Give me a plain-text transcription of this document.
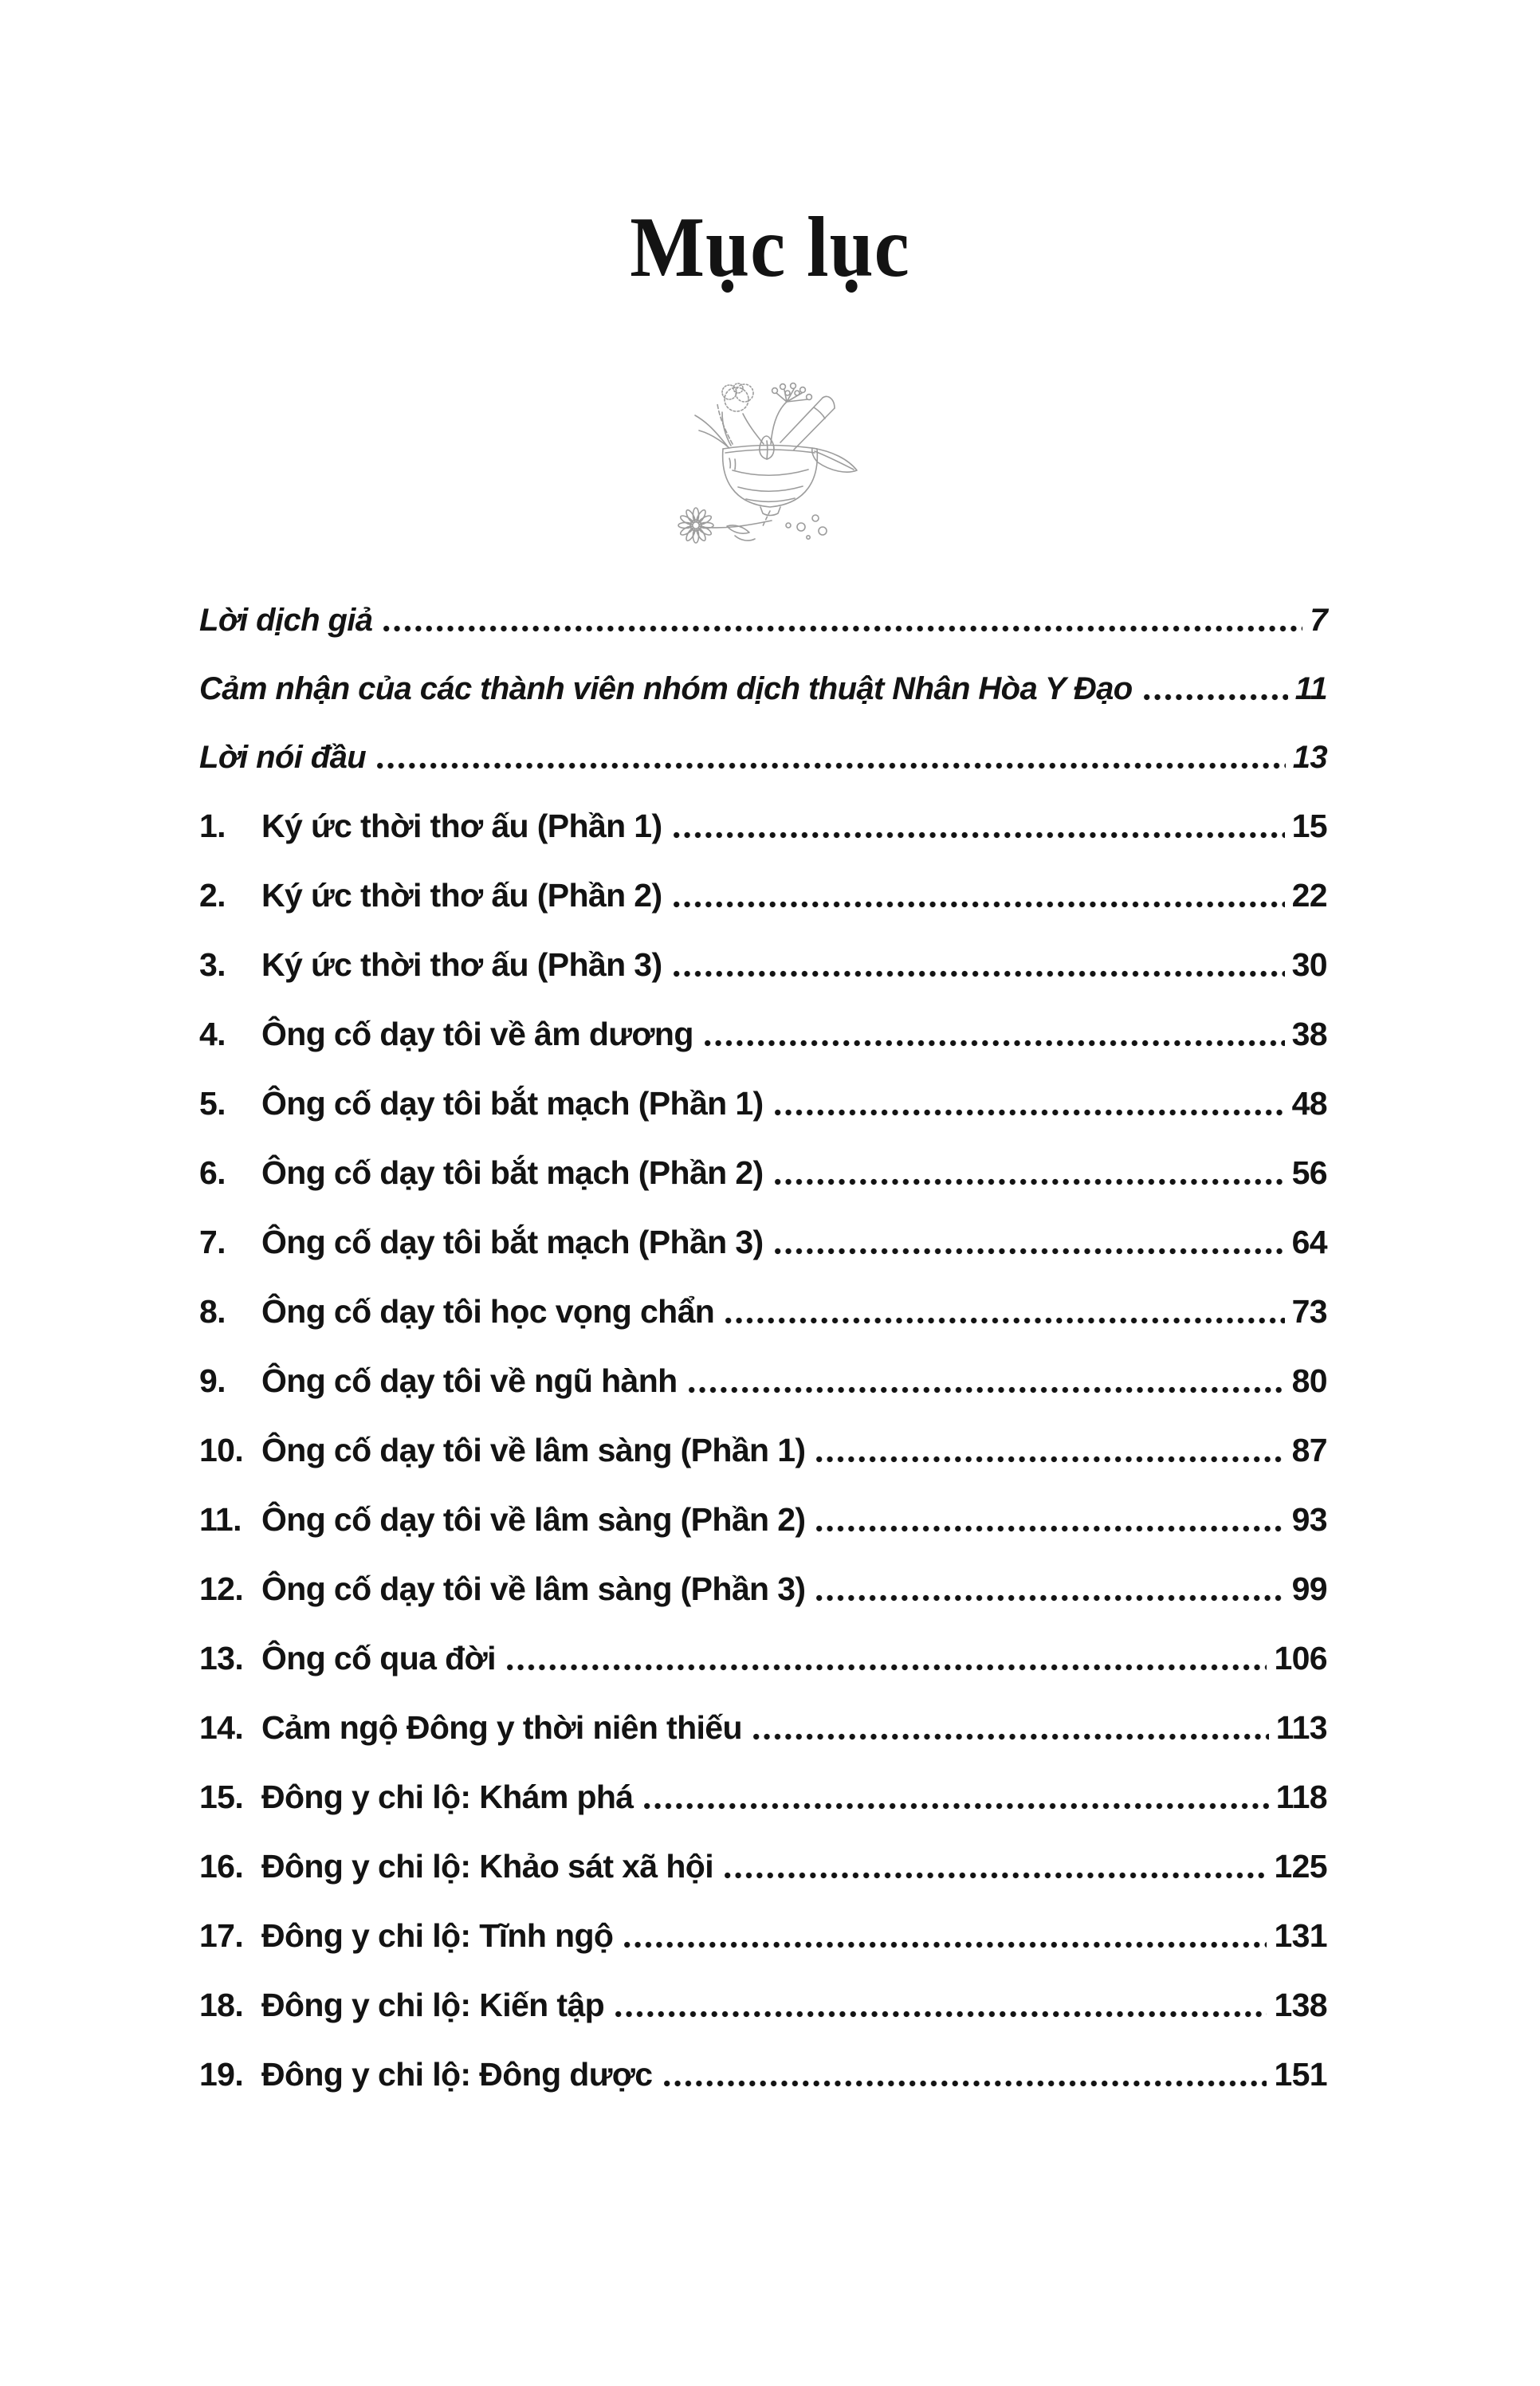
Mục lục
Lời dịch giả	7
Cảm nhận của các thành viên nhóm dịch thuật Nhân Hòa Y Đạo	11
Lời nói đầu	13
1.	Ký ức thời thơ ấu (Phần 1)	15
2.	Ký ức thời thơ ấu (Phần 2)	22
3.	Ký ức thời thơ ấu (Phần 3)	30
4.	Ông cố dạy tôi về âm dương	38
5.	Ông cố dạy tôi bắt mạch (Phần 1)	48
6.	Ông cố dạy tôi bắt mạch (Phần 2)	56
7.	Ông cố dạy tôi bắt mạch (Phần 3)	64
8.	Ông cố dạy tôi học vọng chẩn	73
9.	Ông cố dạy tôi về ngũ hành	80
10. Ông cố dạy tôi về lâm sàng (Phần 1)	87
11. Ông cố dạy tôi về lâm sàng (Phần 2)	93
12. Ông cố dạy tôi về lâm sàng (Phần 3)	99
13. Ông cố qua đời	106
14. Cảm ngộ Đông y thời niên thiếu	113
15. Đông y chi lộ: Khám phá	118
16. Đông y chi lộ: Khảo sát xã hội	125
17. Đông y chi lộ: Tĩnh ngộ	131
18. Đông y chi lộ: Kiến tập	138
19. Đông y chi lộ: Đông dược	151
